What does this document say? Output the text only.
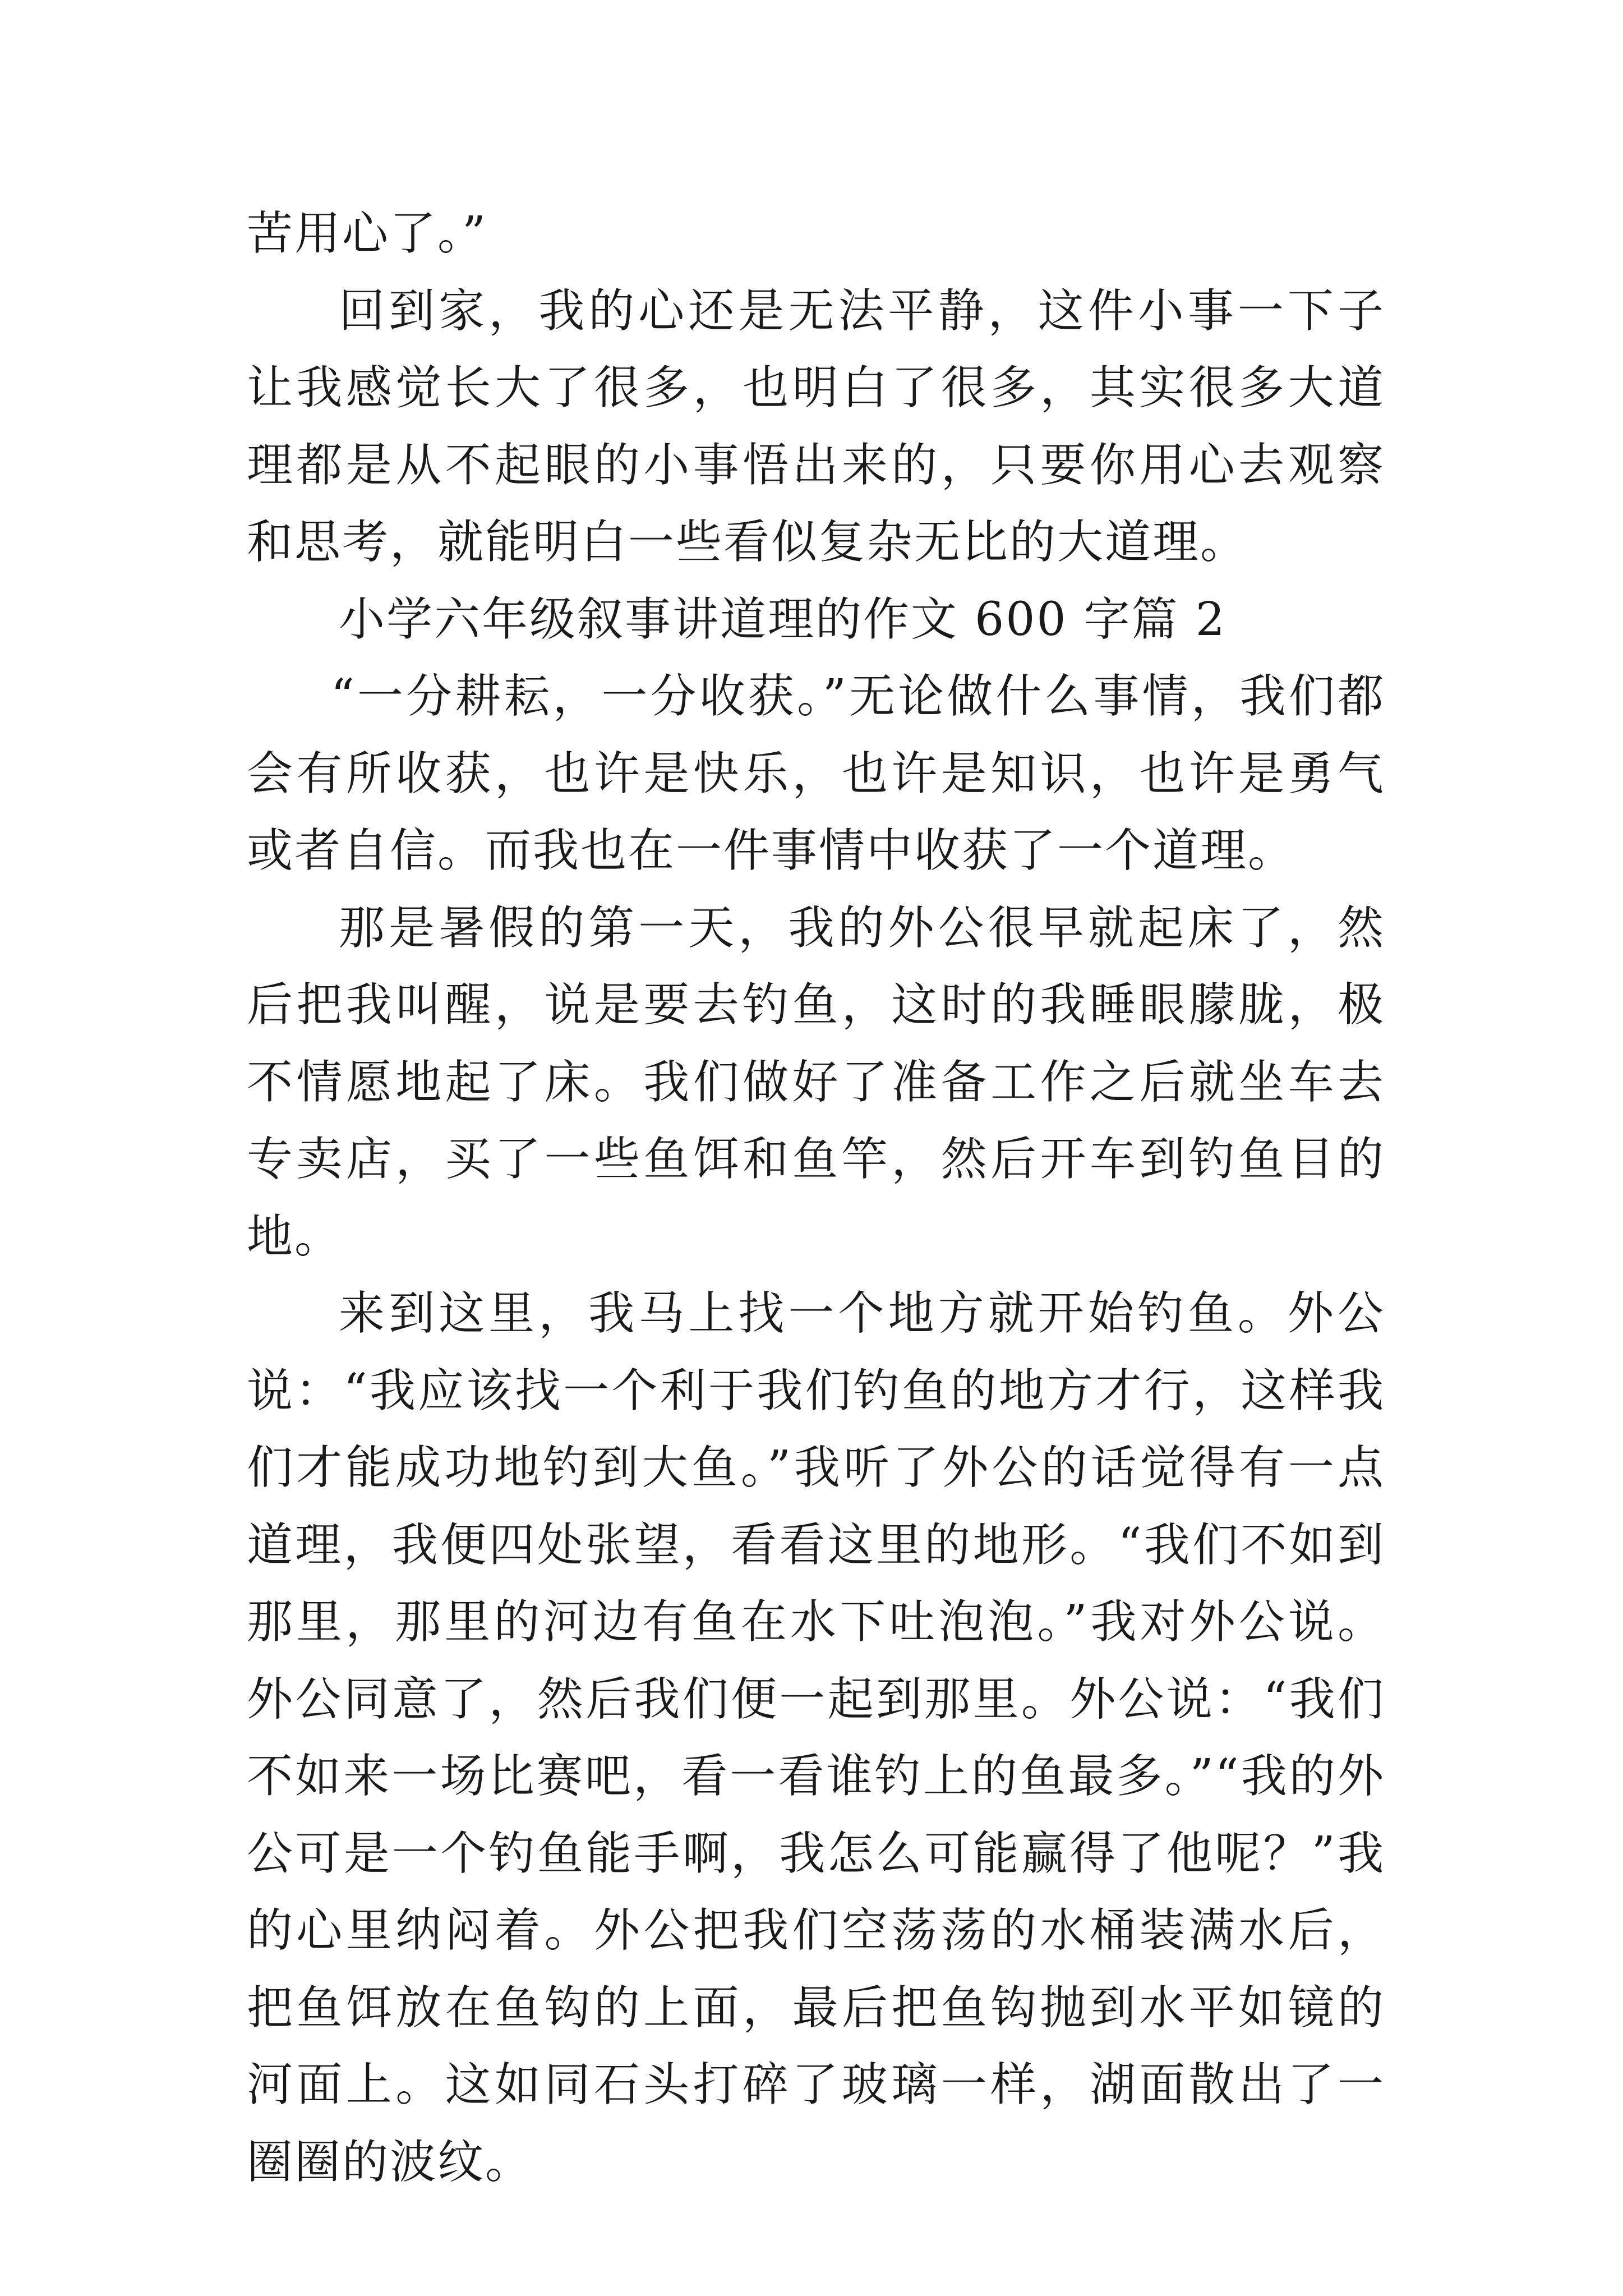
苦用心了。”

回到家，我的心还是无法平静，这件小事一下子让我感觉长大了很多，也明白了很多，其实很多大道理都是从不起眼的小事悟出来的，只要你用心去观察和思考，就能明白一些看似复杂无比的大道理。

小学六年级叙事讲道理的作文 600 字篇 2

“一分耕耘，一分收获。”无论做什么事情，我们都会有所收获，也许是快乐，也许是知识，也许是勇气或者自信。而我也在一件事情中收获了一个道理。

那是暑假的第一天，我的外公很早就起床了，然后把我叫醒，说是要去钓鱼，这时的我睡眼朦胧，极不情愿地起了床。我们做好了准备工作之后就坐车去专卖店，买了一些鱼饵和鱼竿，然后开车到钓鱼目的地。

来到这里，我马上找一个地方就开始钓鱼。外公说：“我应该找一个利于我们钓鱼的地方才行，这样我们才能成功地钓到大鱼。”我听了外公的话觉得有一点道理，我便四处张望，看看这里的地形。“我们不如到那里，那里的河边有鱼在水下吐泡泡。”我对外公说。外公同意了，然后我们便一起到那里。外公说：“我们不如来一场比赛吧，看一看谁钓上的鱼最多。”“我的外公可是一个钓鱼能手啊，我怎么可能赢得了他呢？”我的心里纳闷着。外公把我们空荡荡的水桶装满水后，把鱼饵放在鱼钩的上面，最后把鱼钩抛到水平如镜的河面上。这如同石头打碎了玻璃一样，湖面散出了一圈圈的波纹。
